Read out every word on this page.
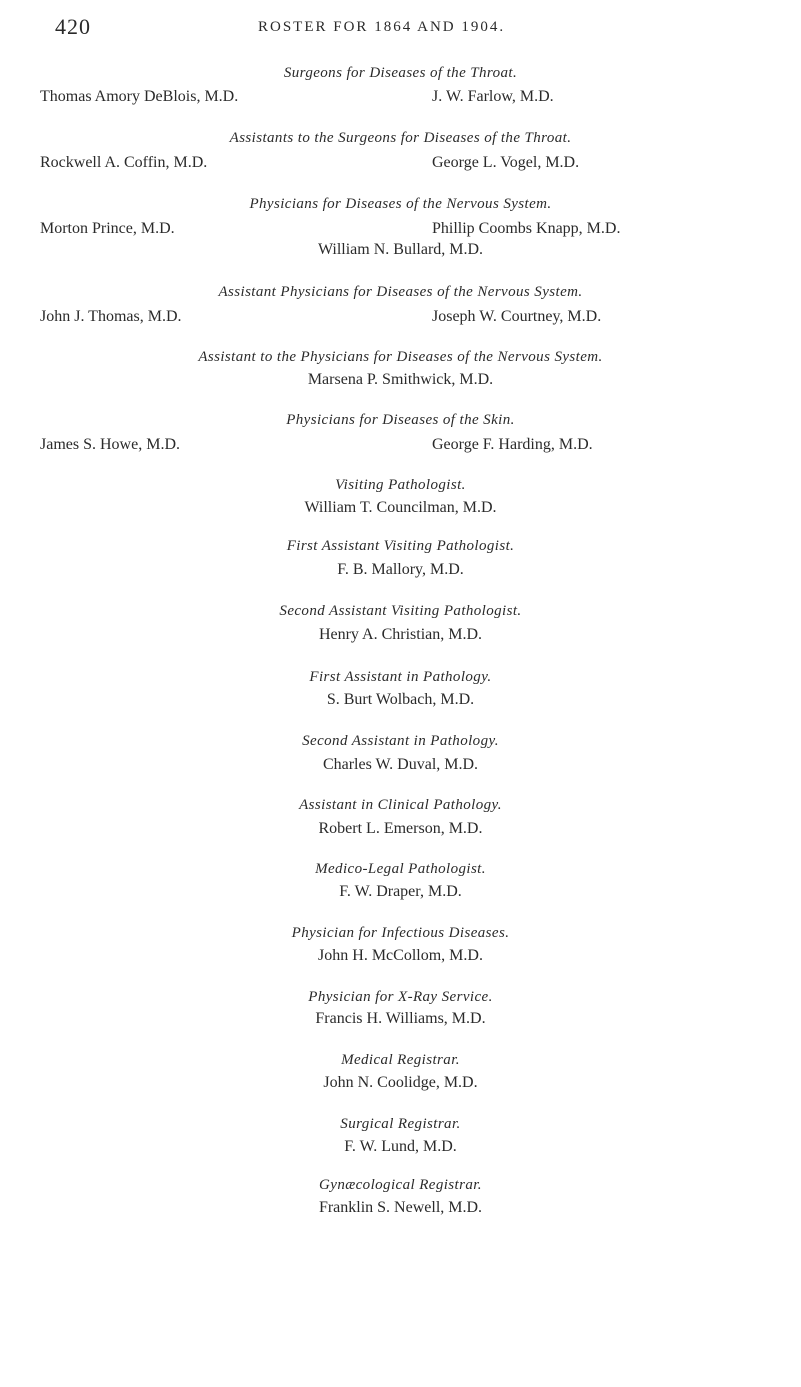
420	ROSTER FOR 1864 AND 1904.
Surgeons for Diseases of the Throat.
Thomas Amory DeBlois, M.D.	J. W. Farlow, M.D.
Assistants to the Surgeons for Diseases of the Throat.
Rockwell A. Coffin, M.D.	George L. Vogel, M.D.
Physicians for Diseases of the Nervous System.
Morton Prince, M.D.	Phillip Coombs Knapp, M.D.
William N. Bullard, M.D.
Assistant Physicians for Diseases of the Nervous System.
John J. Thomas, M.D.	Joseph W. Courtney, M.D.
Assistant to the Physicians for Diseases of the Nervous System.
Marsena P. Smithwick, M.D.
Physicians for Diseases of the Skin.
James S. Howe, M.D.	George F. Harding, M.D.
Visiting Pathologist.
William T. Councilman, M.D.
First Assistant Visiting Pathologist.
F. B. Mallory, M.D.
Second Assistant Visiting Pathologist.
Henry A. Christian, M.D.
First Assistant in Pathology.
S. Burt Wolbach, M.D.
Second Assistant in Pathology.
Charles W. Duval, M.D.
Assistant in Clinical Pathology.
Robert L. Emerson, M.D.
Medico-Legal Pathologist.
F. W. Draper, M.D.
Physician for Infectious Diseases.
John H. McCollom, M.D.
Physician for X-Ray Service.
Francis H. Williams, M.D.
Medical Registrar.
John N. Coolidge, M.D.
Surgical Registrar.
F. W. Lund, M.D.
Gynæcological Registrar.
Franklin S. Newell, M.D.
